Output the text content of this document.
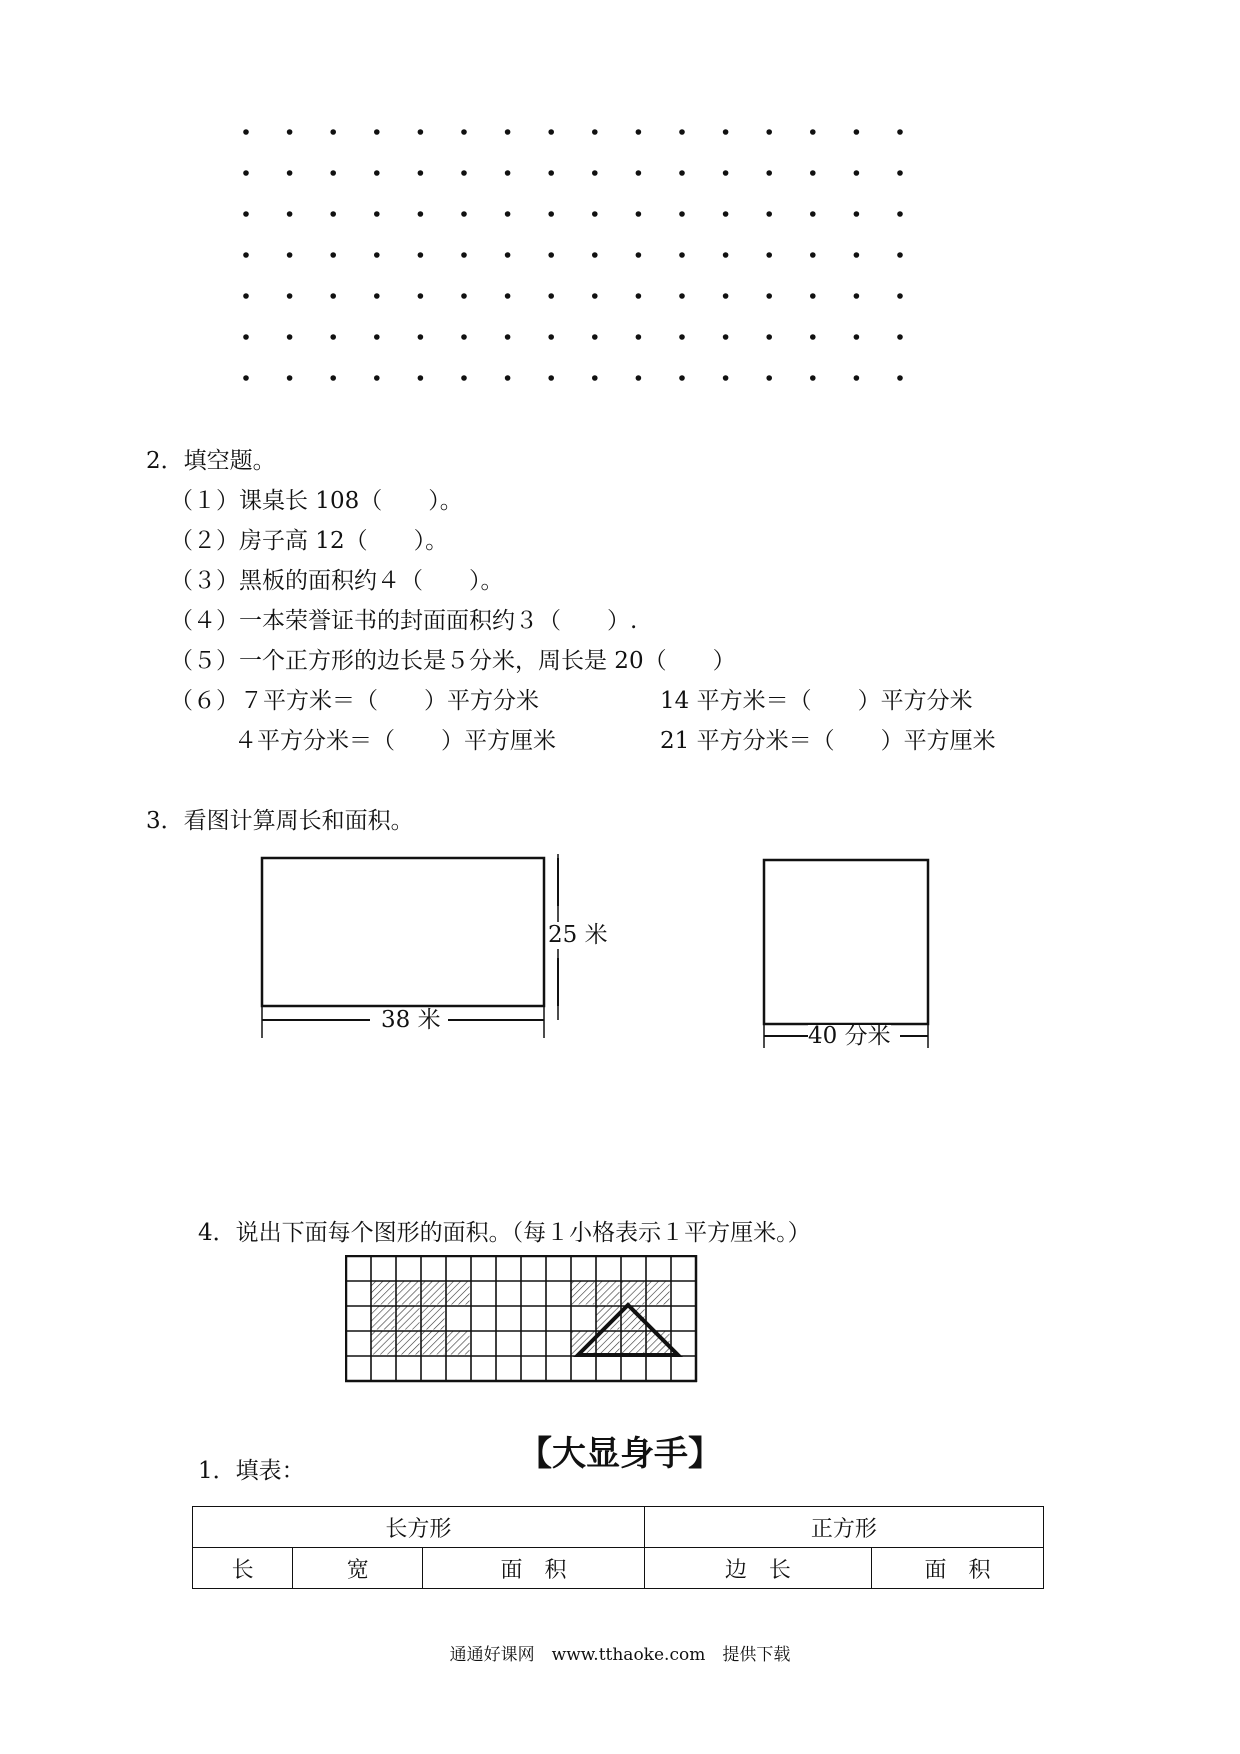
2．填空题。
（１）课桌长 108（　　）。
（２）房子高 12（　　）。
（３）黑板的面积约４（　　）。
（４）一本荣誉证书的封面面积约３（　　）.
（５）一个正方形的边长是５分米，周长是 20（　　）
（６） ７平方米＝（　　）平方分米	14 平方米＝（　　）平方分米
４平方分米＝（　　）平方厘米	21 平方分米＝（　　）平方厘米
3．看图计算周长和面积。
25 米
38 米
40 分米
4．说出下面每个图形的面积。（每１小格表示１平方厘米。）
【大显身手】
1．填表：
长方形			正方形	
长	宽	面　积	边　长	面　积
通通好课网　www.tthaoke.com　提供下载
